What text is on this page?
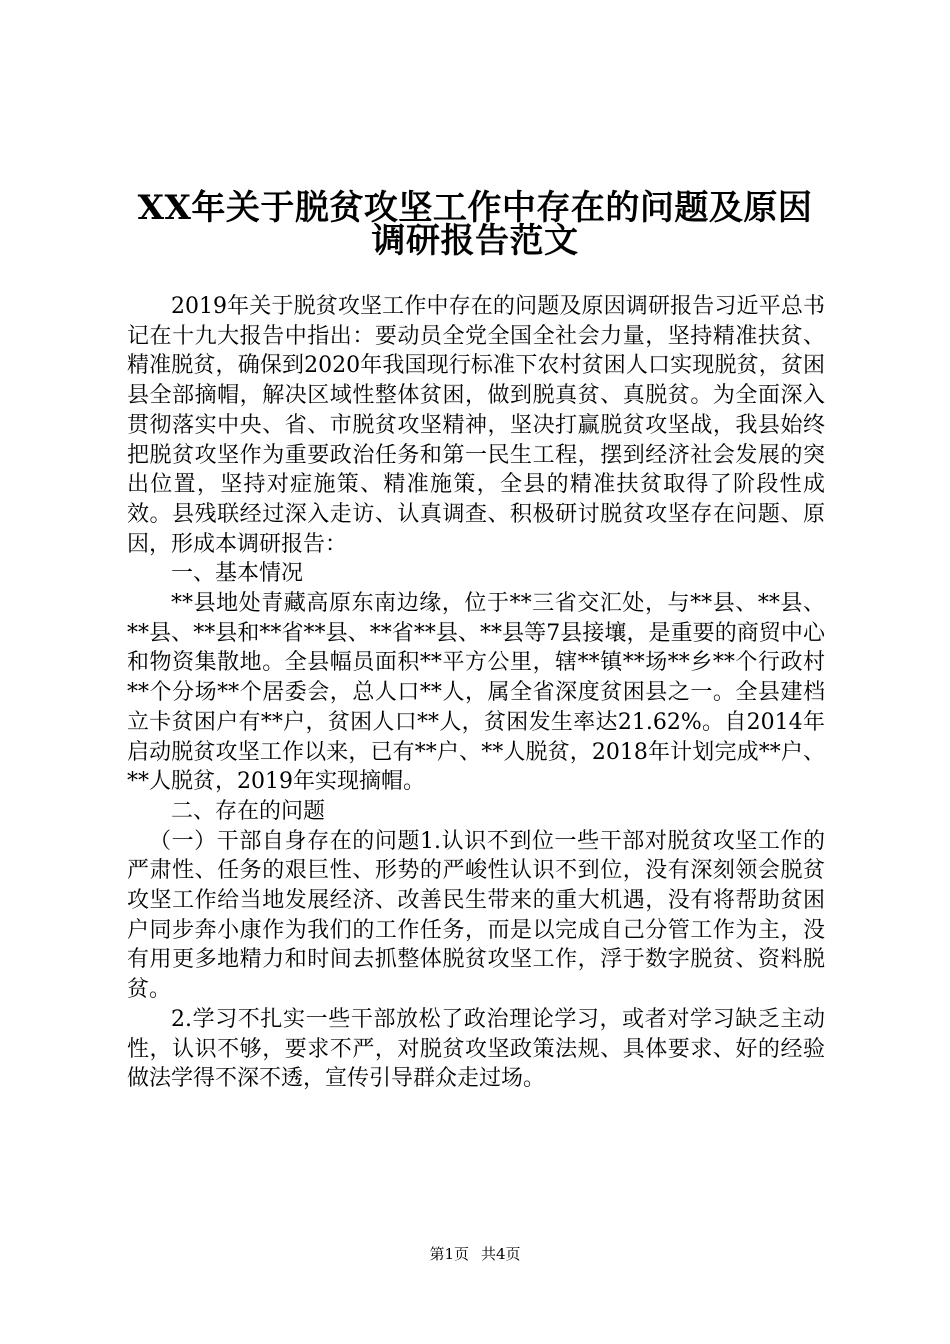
XX年关于脱贫攻坚工作中存在的问题及原因
调研报告范文

2019年关于脱贫攻坚工作中存在的问题及原因调研报告习近平总书记在十九大报告中指出：要动员全党全国全社会力量，坚持精准扶贫、精准脱贫，确保到2020年我国现行标准下农村贫困人口实现脱贫，贫困县全部摘帽，解决区域性整体贫困，做到脱真贫、真脱贫。为全面深入贯彻落实中央、省、市脱贫攻坚精神，坚决打赢脱贫攻坚战，我县始终把脱贫攻坚作为重要政治任务和第一民生工程，摆到经济社会发展的突出位置，坚持对症施策、精准施策，全县的精准扶贫取得了阶段性成效。县残联经过深入走访、认真调查、积极研讨脱贫攻坚存在问题、原因，形成本调研报告：

一、基本情况

**县地处青藏高原东南边缘，位于**三省交汇处，与**县、**县、**县、**县和**省**县、**省**县、**县等7县接壤，是重要的商贸中心和物资集散地。全县幅员面积**平方公里，辖**镇**场**乡**个行政村**个分场**个居委会，总人口**人，属全省深度贫困县之一。全县建档立卡贫困户有**户，贫困人口**人，贫困发生率达21.62%。自2014年启动脱贫攻坚工作以来，已有**户、**人脱贫，2018年计划完成**户、**人脱贫，2019年实现摘帽。

二、存在的问题

（一）干部自身存在的问题1.认识不到位一些干部对脱贫攻坚工作的严肃性、任务的艰巨性、形势的严峻性认识不到位，没有深刻领会脱贫攻坚工作给当地发展经济、改善民生带来的重大机遇，没有将帮助贫困户同步奔小康作为我们的工作任务，而是以完成自己分管工作为主，没有用更多地精力和时间去抓整体脱贫攻坚工作，浮于数字脱贫、资料脱贫。

2.学习不扎实一些干部放松了政治理论学习，或者对学习缺乏主动性，认识不够，要求不严，对脱贫攻坚政策法规、具体要求、好的经验做法学得不深不透，宣传引导群众走过场。

第1页 共4页
